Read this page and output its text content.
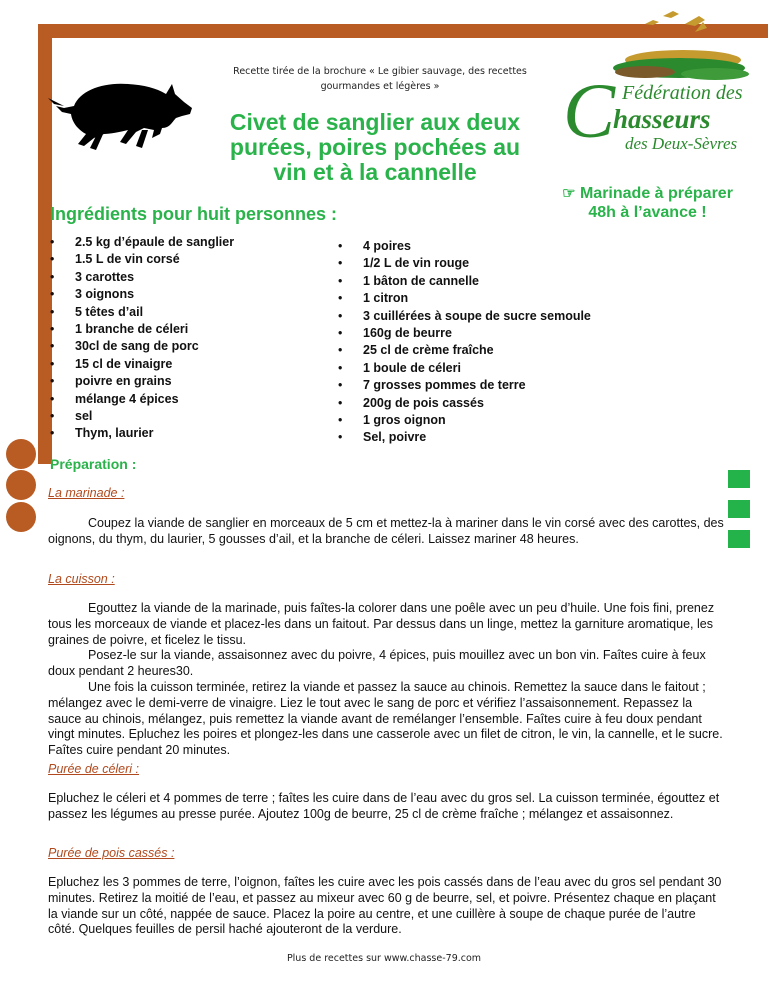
Recette tirée de la brochure « Le gibier sauvage, des recettes
gourmandes et légères »
Civet de sanglier aux deux
purées, poires pochées au
vin et à la cannelle
C Fédération des
hasseurs
des Deux-Sèvres
☞ Marinade à préparer
48h à l’avance !
Ingrédients pour huit personnes :
• 2.5 kg d’épaule de sanglier
• 1.5 L de vin corsé
• 3 carottes
• 3 oignons
• 5 têtes d’ail
• 1 branche de céleri
• 30cl de sang de porc
• 15 cl de vinaigre
• poivre en grains
• mélange 4 épices
• sel
• Thym, laurier
• 4 poires
• 1/2 L de vin rouge
• 1 bâton de cannelle
• 1 citron
• 3 cuillérées à soupe de sucre semoule
• 160g de beurre
• 25 cl de crème fraîche
• 1 boule de céleri
• 7 grosses pommes de terre
• 200g de pois cassés
• 1 gros oignon
• Sel, poivre
Préparation :
La marinade :

Coupez la viande de sanglier en morceaux de 5 cm et mettez-la à mariner dans le vin corsé avec des carottes, des oignons, du thym, du laurier, 5 gousses d’ail, et la branche de céleri. Laissez mariner 48 heures.

La cuisson :

Egouttez la viande de la marinade, puis faîtes-la colorer dans une poêle avec un peu d’huile. Une fois fini, prenez tous les morceaux de viande et placez-les dans un faitout. Par dessus dans un linge, mettez la garniture aromatique, les graines de poivre, et ficelez le tissu.

Posez-le sur la viande, assaisonnez avec du poivre, 4 épices, puis mouillez avec un bon vin. Faîtes cuire à feux doux pendant 2 heures30.

Une fois la cuisson terminée, retirez la viande et passez la sauce au chinois. Remettez la sauce dans le faitout ; mélangez avec le demi-verre de vinaigre. Liez le tout avec le sang de porc et vérifiez l’assaisonnement. Repassez la sauce au chinois, mélangez, puis remettez la viande avant de remélanger l’ensemble. Faîtes cuire à feu doux pendant vingt minutes. Epluchez les poires et plongez-les dans une casserole avec un filet de citron, le vin, la cannelle, et le sucre. Faîtes cuire pendant 20 minutes.

Purée de céleri :

Epluchez le céleri et 4 pommes de terre ; faîtes les cuire dans de l’eau avec du gros sel. La cuisson terminée, égouttez et passez les légumes au presse purée. Ajoutez 100g de beurre, 25 cl de crème fraîche ; mélangez et assaisonnez.

Purée de pois cassés :

Epluchez les 3 pommes de terre, l’oignon, faîtes les cuire avec les pois cassés dans de l’eau avec du gros sel pendant 30 minutes. Retirez la moitié de l’eau, et passez au mixeur avec 60 g de beurre, sel, et poivre. Présentez chaque en plaçant la viande sur un côté, nappée de sauce. Placez la poire au centre, et une cuillère à soupe de chaque purée de l’autre côté. Quelques feuilles de persil haché ajouteront de la verdure.

Plus de recettes sur www.chasse-79.com
